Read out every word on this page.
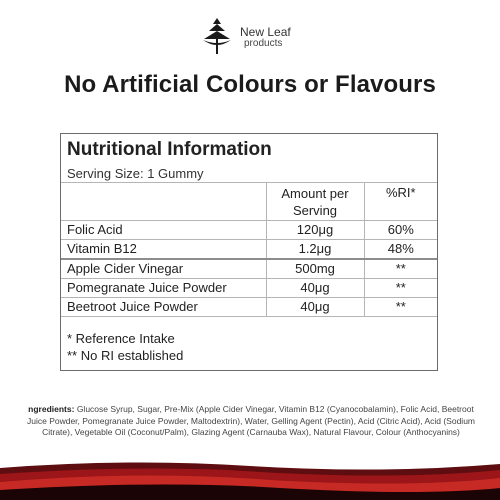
New Leaf
products
No Artificial Colours or Flavours
Nutritional Information
Serving Size: 1 Gummy
	Amount per Serving	%RI*
Folic Acid	120μg	60%
Vitamin B12	1.2μg	48%
Apple Cider Vinegar	500mg	**
Pomegranate Juice Powder	40μg	**
Beetroot Juice Powder	40μg	**
* Reference Intake
** No RI established
ngredients: Glucose Syrup, Sugar, Pre-Mix (Apple Cider Vinegar, Vitamin B12 (Cyanocobalamin), Folic Acid, Beetroot Juice Powder, Pomegranate Juice Powder, Maltodextrin), Water, Gelling Agent (Pectin), Acid (Citric Acid), Acid (Sodium Citrate), Vegetable Oil (Coconut/Palm), Glazing Agent (Carnauba Wax), Natural Flavour, Colour (Anthocyanins)
